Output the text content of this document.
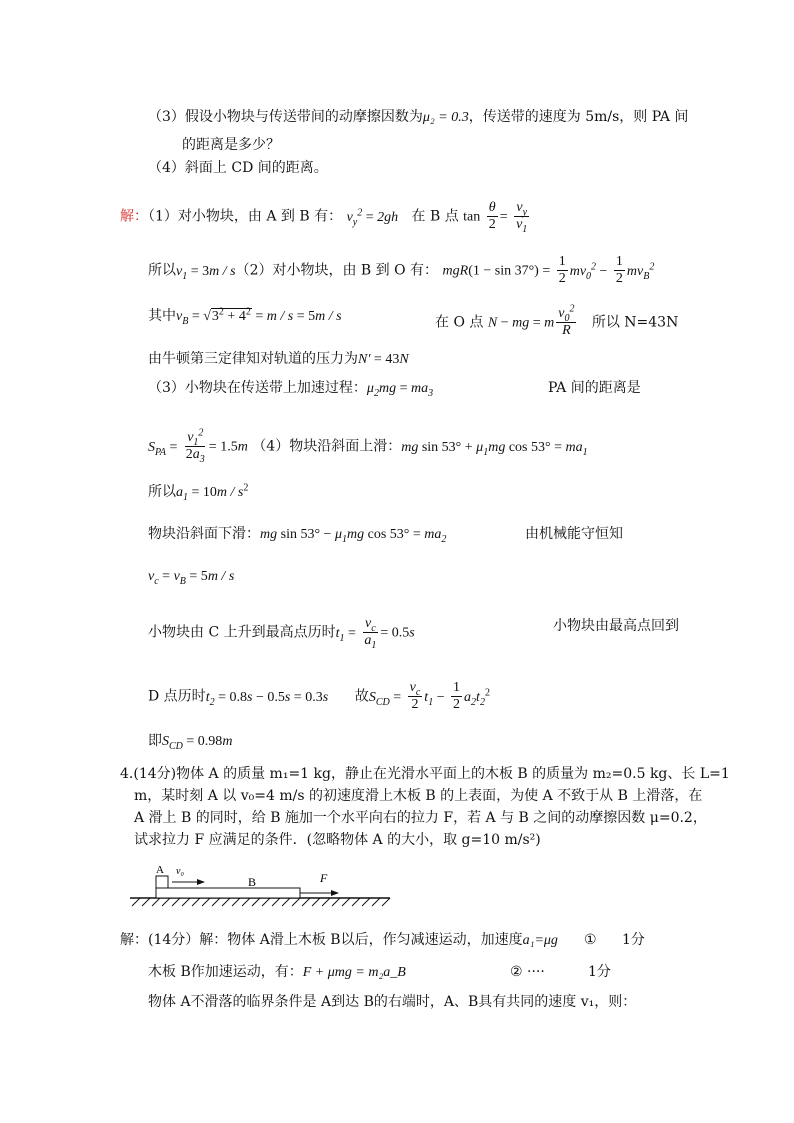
（3）假设小物块与传送带间的动摩擦因数为μ₂ = 0.3，传送带的速度为 5m/s，则 PA 间
的距离是多少？
（4）斜面上 CD 间的距离。
解：（1）对小物块，由 A 到 B 有： $v_y^2 = 2gh$ 在 B 点 $\tan \frac{\theta}{2} = \frac{v_y}{v_1}$
所以$v_1 = 3m / s(2)$对小物块，由 B 到 O 有： $mgR(1 - \sin 37^\circ) = \frac{1}{2} mv_0^2 - \frac{1}{2} mv_B^2$
其中$v_B = √3^2 + 4^2 = m / s = 5m / s$	在 O 点 N − mg = m $\frac{v_0^2}{R}$ 所以 N=43N
由牛顿第三定律知对轨道的压力为N′ = 43N
（3）小物块在传送带上加速过程：$\mu_2mg = ma_3$	PA 间的距离是
$S_{PA} = \frac{v_1^2}{2a_3} = 1.5m$ （4）物块沿斜面上滑：mg $\sin 53^\circ + \mu_1mg$ $\cos 53^\circ = ma_1$
所以$a_1 = 10m / s^2$
物块沿斜面下滑：mg $\sin 53^\circ - \mu_1mg$ $\cos 53^\circ = ma_2$	由机械能守恒知
$v_c = v_B = 5m / s$
小物块由 C 上升到最高点历时$t_1 = \frac{v_c}{a_1} = 0.5s$	小物块由最高点回到
D 点历时$t_2 = 0.8s - 0.5s = 0.3s$ 故$S_{CD} = \frac{v_c}{2} t_1 - \frac{1}{2} a_2t_2^2$
即$S_{CD} = 0.98m$
4.(14分)物体 A 的质量 m₁=1 kg，静止在光滑水平面上的木板 B 的质量为 m₂=0.5 kg、长 L=1
m，某时刻 A 以 v₀=4 m/s 的初速度滑上木板 B 的上表面，为使 A 不致于从 B 上滑落，在
A 滑上 B 的同时，给 B 施加一个水平向右的拉力 F，若 A 与 B 之间的动摩擦因数 μ=0.2，
试求拉力 F 应满足的条件．(忽略物体 A 的大小，取 g=10 m/s²)
A v₀
B	F
解：(14分）解：物体 A滑上木板 B以后，作匀减速运动，加速度a₁=μg ① 1分
木板 B作加速运动，有：F + μmg = m₂a_B	② ····	1分
物体 A不滑落的临界条件是 A到达 B的右端时，A、B具有共同的速度 v₁，则：
